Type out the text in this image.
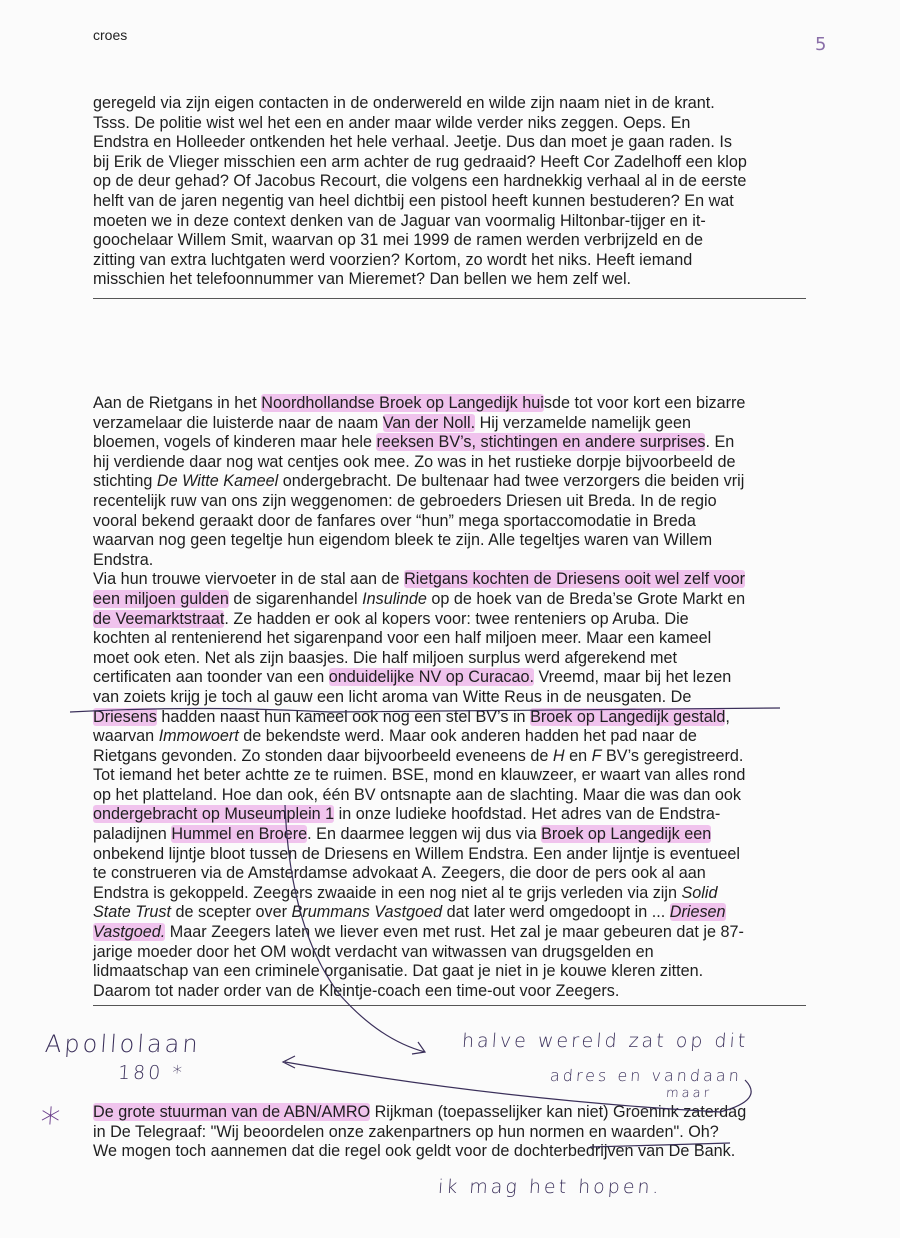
croes	5
geregeld via zijn eigen contacten in de onderwereld en wilde zijn naam niet in de krant.
Tsss. De politie wist wel het een en ander maar wilde verder niks zeggen. Oeps. En
Endstra en Holleeder ontkenden het hele verhaal. Jeetje. Dus dan moet je gaan raden. Is
bij Erik de Vlieger misschien een arm achter de rug gedraaid? Heeft Cor Zadelhoff een klop
op de deur gehad? Of Jacobus Recourt, die volgens een hardnekkig verhaal al in de eerste
helft van de jaren negentig van heel dichtbij een pistool heeft kunnen bestuderen? En wat
moeten we in deze context denken van de Jaguar van voormalig Hiltonbar-tijger en it-
goochelaar Willem Smit, waarvan op 31 mei 1999 de ramen werden verbrijzeld en de
zitting van extra luchtgaten werd voorzien? Kortom, zo wordt het niks. Heeft iemand
misschien het telefoonnummer van Mieremet? Dan bellen we hem zelf wel.
Aan de Rietgans in het Noordhollandse Broek op Langedijk huisde tot voor kort een bizarre
verzamelaar die luisterde naar de naam Van der Noll. Hij verzamelde namelijk geen
bloemen, vogels of kinderen maar hele reeksen BV’s, stichtingen en andere surprises. En
hij verdiende daar nog wat centjes ook mee. Zo was in het rustieke dorpje bijvoorbeeld de
stichting De Witte Kameel ondergebracht. De bultenaar had twee verzorgers die beiden vrij
recentelijk ruw van ons zijn weggenomen: de gebroeders Driesen uit Breda. In de regio
vooral bekend geraakt door de fanfares over “hun” mega sportaccomodatie in Breda
waarvan nog geen tegeltje hun eigendom bleek te zijn. Alle tegeltjes waren van Willem
Endstra.
Via hun trouwe viervoeter in de stal aan de Rietgans kochten de Driesens ooit wel zelf voor
een miljoen gulden de sigarenhandel Insulinde op de hoek van de Breda’se Grote Markt en
de Veemarktstraat. Ze hadden er ook al kopers voor: twee renteniers op Aruba. Die
kochten al rentenierend het sigarenpand voor een half miljoen meer. Maar een kameel
moet ook eten. Net als zijn baasjes. Die half miljoen surplus werd afgerekend met
certificaten aan toonder van een onduidelijke NV op Curacao. Vreemd, maar bij het lezen
van zoiets krijg je toch al gauw een licht aroma van Witte Reus in de neusgaten. De
Driesens hadden naast hun kameel ook nog een stel BV’s in Broek op Langedijk gestald,
waarvan Immowoert de bekendste werd. Maar ook anderen hadden het pad naar de
Rietgans gevonden. Zo stonden daar bijvoorbeeld eveneens de H en F BV’s geregistreerd.
Tot iemand het beter achtte ze te ruimen. BSE, mond en klauwzeer, er waart van alles rond
op het platteland. Hoe dan ook, één BV ontsnapte aan de slachting. Maar die was dan ook
ondergebracht op Museumplein 1 in onze ludieke hoofdstad. Het adres van de Endstra-
paladijnen Hummel en Broere. En daarmee leggen wij dus via Broek op Langedijk een
onbekend lijntje bloot tussen de Driesens en Willem Endstra. Een ander lijntje is eventueel
te construeren via de Amsterdamse advokaat A. Zeegers, die door de pers ook al aan
Endstra is gekoppeld. Zeegers zwaaide in een nog niet al te grijs verleden via zijn Solid
State Trust de scepter over Brummans Vastgoed dat later werd omgedoopt in ... Driesen
Vastgoed. Maar Zeegers laten we liever even met rust. Het zal je maar gebeuren dat je 87-
jarige moeder door het OM wordt verdacht van witwassen van drugsgelden en
lidmaatschap van een criminele organisatie. Dat gaat je niet in je kouwe kleren zitten.
Daarom tot nader order van de Kleintje-coach een time-out voor Zeegers.
De grote stuurman van de ABN/AMRO Rijkman (toepasselijker kan niet) Groenink zaterdag
in De Telegraaf: "Wij beoordelen onze zakenpartners op hun normen en waarden". Oh?
We mogen toch aannemen dat die regel ook geldt voor de dochterbedrijven van De Bank.
Apollolaan
180 *
halve wereld zat op dit
adres en vandaan
maar
ik mag het hopen.
*
